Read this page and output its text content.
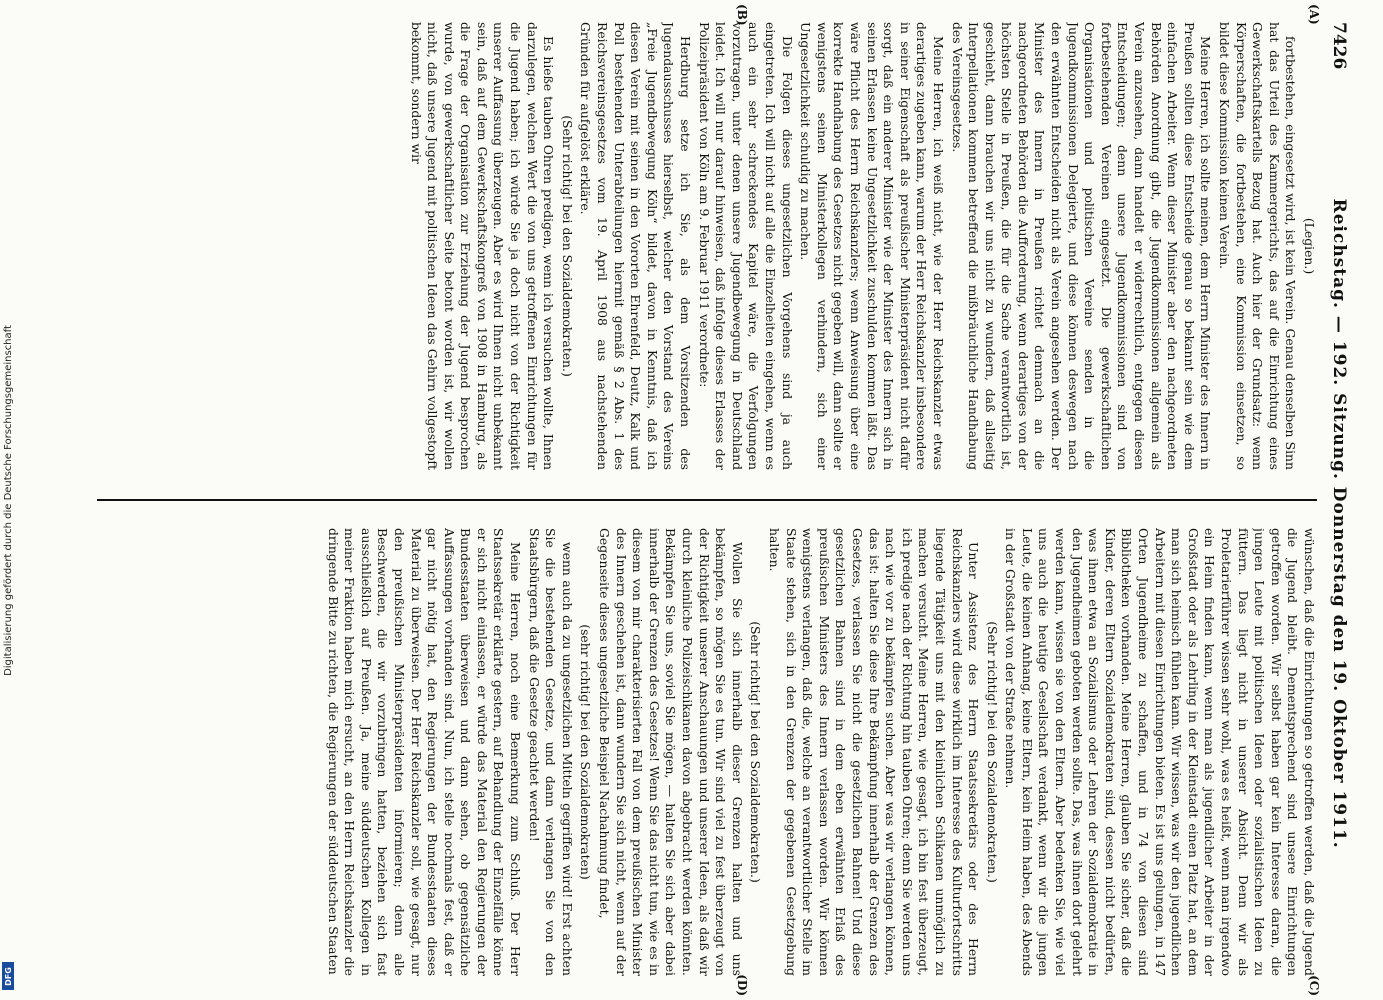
7426
Reichstag. — 192. Sitzung. Donnerstag den 19. Oktober 1911.
(A)
(B)
(C)
(D)

(Legien.)

fortbestehen, eingesetzt wird, ist kein Verein. Genau denselben Sinn hat das Urteil des Kammergerichts, das auf die Einrichtung eines Gewerkschaftskartells Bezug hat. Auch hier der Grundsatz: wenn Körperschaften, die fortbestehen, eine Kommission einsetzen, so bildet diese Kommission keinen Verein.

Meine Herren, ich sollte meinen, dem Herrn Minister des Innern in Preußen sollten diese Entscheide genau so bekannt sein wie dem einfachen Arbeiter. Wenn dieser Minister aber den nachgeordneten Behörden Anordnung gibt, die Jugendkommissionen allgemein als Verein anzusehen, dann handelt er widerrechtlich, entgegen diesen Entscheidungen; denn unsere Jugendkommissionen sind von fortbestehenden Vereinen eingesetzt. Die gewerkschaftlichen Organisationen und politischen Vereine senden in die Jugendkommissionen Delegierte, und diese können deswegen nach den erwähnten Entscheiden nicht als Verein angesehen werden. Der Minister des Innern in Preußen richtet demnach an die nachgeordneten Behörden die Aufforderung, wenn derartiges von der höchsten Stelle in Preußen, die für die Sache verantwortlich ist, geschieht, dann brauchen wir uns nicht zu wundern, daß allseitig Interpellationen kommen betreffend die mißbräuchliche Handhabung des Vereinsgesetzes.

Meine Herren, ich weiß nicht, wie der Herr Reichskanzler etwas derartiges zugeben kann, warum der Herr Reichskanzler insbesondere in seiner Eigenschaft als preußischer Ministerpräsident nicht dafür sorgt, daß ein anderer Minister wie der Minister des Innern sich in seinen Erlassen keine Ungesetzlichkeit zuschulden kommen läßt. Das wäre Pflicht des Herrn Reichskanzlers; wenn Anweisung über eine korrekte Handhabung des Gesetzes nicht gegeben will, dann sollte er wenigstens seinen Ministerkollegen verhindern, sich einer Ungesetzlichkeit schuldig zu machen.

Die Folgen dieses ungesetzlichen Vorgehens sind ja auch eingetreten. Ich will nicht auf alle die Einzelheiten eingehen, wenn es auch ein sehr schreckendes Kapitel wäre, die Verfolgungen vorzutragen, unter denen unsere Jugendbewegung in Deutschland leidet. Ich will nur darauf hinweisen, daß infolge dieses Erlasses der Polizeipräsident von Köln am 9. Februar 1911 verordnete:

Herdburg setze ich Sie, als dem Vorsitzenden des Jugendausschusses hierselbst, welcher den Vorstand des Vereins „Freie Jugendbewegung Köln“ bildet, davon in Kenntnis, daß ich diesen Verein mit seinen in den Vororten Ehrenfeld, Deutz, Kalk und Poll bestehenden Unterabteilungen hiermit gemäß § 2 Abs. 1 des Reichsvereinsgesetzes vom 19. April 1908 aus nachstehenden Gründen für aufgelöst erkläre.

(Sehr richtig! bei den Sozialdemokraten.)

Es hieße tauben Ohren predigen, wenn ich versuchen wollte, Ihnen darzulegen, welchen Wert die von uns getroffenen Einrichtungen für die Jugend haben; ich würde Sie ja doch nicht von der Richtigkeit unserer Auffassung überzeugen. Aber es wird Ihnen nicht unbekannt sein, daß auf dem Gewerkschaftskongreß von 1908 in Hamburg, als die Frage der Organisation zur Erziehung der Jugend besprochen wurde, von gewerkschaftlicher Seite betont worden ist, wir wollen nicht, daß unsere Jugend mit politischen Ideen das Gehirn vollgestopft bekommt, sondern wir

wünschen, daß die Einrichtungen so getroffen werden, daß die Jugend die Jugend bleibt. Dementsprechend sind unsere Einrichtungen getroffen worden. Wir selbst haben gar kein Interesse daran, die jungen Leute mit politischen Ideen oder sozialistischen Ideen zu füttern. Das liegt nicht in unserer Absicht. Denn wir als Proletarierführer wissen sehr wohl, was es heißt, wenn man irgendwo ein Heim finden kann, wenn man als jugendlicher Arbeiter in der Großstadt oder als Lehrling in der Kleinstadt einen Platz hat, an dem man sich heimisch fühlen kann. Wir wissen, was wir den jugendlichen Arbeitern mit diesen Einrichtungen bieten. Es ist uns gelungen, in 147 Orten Jugendheime zu schaffen, und in 74 von diesen sind Bibliotheken vorhanden. Meine Herren, glauben Sie sicher, daß die Kinder, deren Eltern Sozialdemokraten sind, dessen nicht bedürfen, was ihnen etwa an Sozialismus oder Lehren der Sozialdemokratie in den Jugendheimen geboten werden sollte. Das, was ihnen dort gelehrt werden kann, wissen sie von den Eltern. Aber bedenken Sie, wie viel uns auch die heutige Gesellschaft verdankt, wenn wir die jungen Leute, die keinen Anhang, keine Eltern, kein Heim haben, des Abends in der Großstadt von der Straße nehmen.

(Sehr richtig! bei den Sozialdemokraten.)

Unter Assistenz des Herrn Staatssekretärs oder des Herrn Reichskanzlers wird diese wirklich im Interesse des Kulturfortschritts liegende Tätigkeit uns mit den kleinlichen Schikanen unmöglich zu machen versucht. Meine Herren, wie gesagt, ich bin fest überzeugt, ich predige nach der Richtung hin tauben Ohren; denn Sie werden uns nach wie vor zu bekämpfen suchen. Aber was wir verlangen können, das ist: halten Sie diese Ihre Bekämpfung innerhalb der Grenzen des Gesetzes, verlassen Sie nicht die gesetzlichen Bahnen! Und diese gesetzlichen Bahnen sind in dem eben erwähnten Erlaß des preußischen Ministers des Innern verlassen worden. Wir können wenigstens verlangen, daß die, welche an verantwortlicher Stelle im Staate stehen, sich in den Grenzen der gegebenen Gesetzgebung halten.

(Sehr richtig! bei den Sozialdemokraten.)

Wollen Sie sich innerhalb dieser Grenzen halten und uns bekämpfen, so mögen Sie es tun. Wir sind viel zu fest überzeugt von der Richtigkeit unserer Anschauungen und unserer Ideen, als daß wir durch kleinliche Polizeischikanen davon abgebracht werden könnten. Bekämpfen Sie uns, soviel Sie mögen, — halten Sie sich aber dabei innerhalb der Grenzen des Gesetzes! Wenn Sie das nicht tun, wie es in diesem von mir charakterisierten Fall von dem preußischen Minister des Innern geschehen ist, dann wundern Sie sich nicht, wenn auf der Gegenseite dieses ungesetzliche Beispiel Nachahmung findet,

(sehr richtig! bei den Sozialdemokraten)

wenn auch da zu ungesetzlichen Mitteln gegriffen wird! Erst achten Sie die bestehenden Gesetze, und dann verlangen Sie von den Staatsbürgern, daß die Gesetze geachtet werden!

Meine Herren, noch eine Bemerkung zum Schluß. Der Herr Staatssekretär erklärte gestern, auf Behandlung der Einzelfälle könne er sich nicht einlassen, er würde das Material den Regierungen der Bundesstaaten überweisen und dann sehen, ob gegensätzliche Auffassungen vorhanden sind. Nun, ich stelle nochmals fest, daß er gar nicht nötig hat, den Regierungen der Bundesstaaten dieses Material zu überweisen. Der Herr Reichskanzler soll, wie gesagt, nur den preußischen Ministerpräsidenten informieren; denn alle Beschwerden, die wir vorzubringen hatten, beziehen sich fast ausschließlich auf Preußen. Ja, meine süddeutschen Kollegen in meiner Fraktion haben mich ersucht, an den Herrn Reichskanzler die dringende Bitte zu richten, die Regierungen der süddeutschen Staaten

Digitalisierung gefördert durch die Deutsche Forschungsgemeinschaft
DFG
